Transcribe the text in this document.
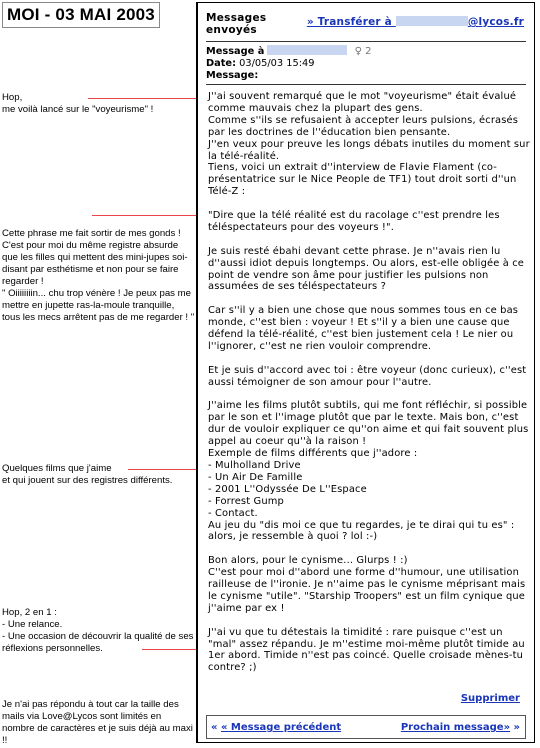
MOI - 03 MAI 2003
Hop,
me voilà lancé sur le "voyeurisme" !
Cette phrase me fait sortir de mes gonds ! C'est pour moi du même registre absurde que les filles qui mettent des mini-jupes soi-disant par esthétisme et non pour se faire regarder !
" Oiiiiiiiin... chu trop vénère ! Je peux pas me mettre en jupette ras-la-moule tranquille, tous les mecs arrêtent pas de me regarder ! "
Quelques films que j'aime
et qui jouent sur des registres différents.
Hop, 2 en 1 :
- Une relance.
- Une occasion de découvrir la qualité de ses réflexions personnelles.
Je n'ai pas répondu à tout car la taille des mails via Love@Lycos sont limités en nombre de caractères et je suis déjà au maxi !!
Messages envoyés
» Transférer à	@lycos.fr
Message à	♀ 2
Date: 03/05/03 15:49
Message:

J''ai souvent remarqué que le mot "voyeurisme" était évalué comme mauvais chez la plupart des gens.
Comme s''ils se refusaient à accepter leurs pulsions, écrasés par les doctrines de l''éducation bien pensante.
J''en veux pour preuve les longs débats inutiles du moment sur la télé-réalité.
Tiens, voici un extrait d''interview de Flavie Flament (co-présentatrice sur le Nice People de TF1) tout droit sorti d''un Télé-Z :

"Dire que la télé réalité est du racolage c''est prendre les téléspectateurs pour des voyeurs !".

Je suis resté ébahi devant cette phrase. Je n''avais rien lu d''aussi idiot depuis longtemps. Ou alors, est-elle obligée à ce point de vendre son âme pour justifier les pulsions non assumées de ses téléspectateurs ?

Car s''il y a bien une chose que nous sommes tous en ce bas monde, c''est bien : voyeur ! Et s''il y a bien une cause que défend la télé-réalité, c''est bien justement cela ! Le nier ou l''ignorer, c''est ne rien vouloir comprendre.

Et je suis d''accord avec toi : être voyeur (donc curieux), c''est aussi témoigner de son amour pour l''autre.

J''aime les films plutôt subtils, qui me font réfléchir, si possible par le son et l''image plutôt que par le texte. Mais bon, c''est dur de vouloir expliquer ce qu''on aime et qui fait souvent plus appel au coeur qu''à la raison !
Exemple de films différents que j''adore :
- Mulholland Drive
- Un Air De Famille
- 2001 L''Odyssée De L''Espace
- Forrest Gump
- Contact.
Au jeu du "dis moi ce que tu regardes, je te dirai qui tu es" : alors, je ressemble à quoi ? lol :-)

Bon alors, pour le cynisme... Glurps ! :)
C''est pour moi d''abord une forme d''humour, une utilisation railleuse de l''ironie. Je n''aime pas le cynisme méprisant mais le cynisme "utile". "Starship Troopers" est un film cynique que j''aime par ex !

J''ai vu que tu détestais la timidité : rare puisque c''est un "mal" assez répandu. Je m''estime moi-même plutôt timide au 1er abord. Timide n''est pas coincé. Quelle croisade mènes-tu contre? ;)

Supprimer
« « Message précédent	Prochain message» »
